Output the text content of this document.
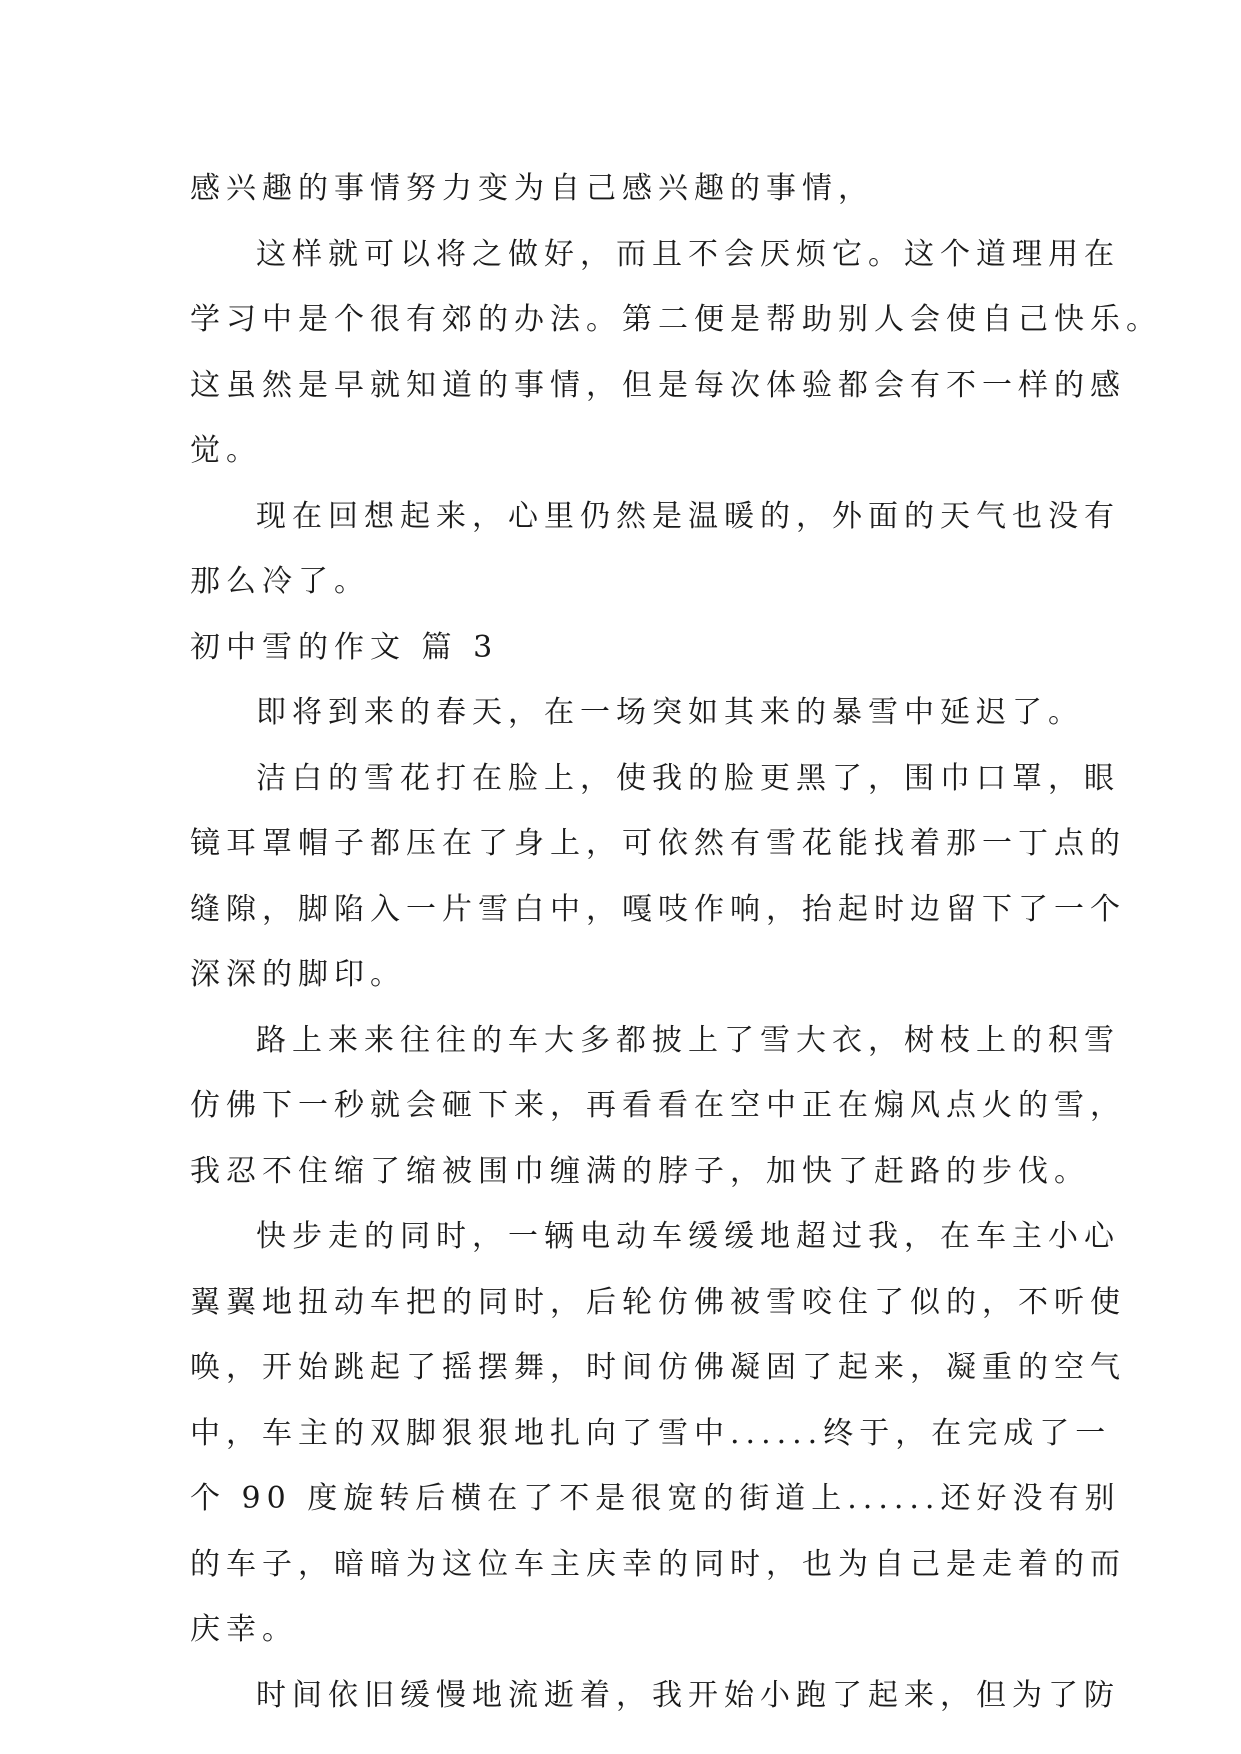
感兴趣的事情努力变为自己感兴趣的事情，
这样就可以将之做好，而且不会厌烦它。这个道理用在
学习中是个很有郊的办法。第二便是帮助别人会使自己快乐。
这虽然是早就知道的事情，但是每次体验都会有不一样的感
觉。
现在回想起来，心里仍然是温暖的，外面的天气也没有
那么冷了。
初中雪的作文 篇 3
即将到来的春天，在一场突如其来的暴雪中延迟了。
洁白的雪花打在脸上，使我的脸更黑了，围巾口罩，眼
镜耳罩帽子都压在了身上，可依然有雪花能找着那一丁点的
缝隙，脚陷入一片雪白中，嘎吱作响，抬起时边留下了一个
深深的脚印。
路上来来往往的车大多都披上了雪大衣，树枝上的积雪
仿佛下一秒就会砸下来，再看看在空中正在煽风点火的雪，
我忍不住缩了缩被围巾缠满的脖子，加快了赶路的步伐。
快步走的同时，一辆电动车缓缓地超过我，在车主小心
翼翼地扭动车把的同时，后轮仿佛被雪咬住了似的，不听使
唤，开始跳起了摇摆舞，时间仿佛凝固了起来，凝重的空气
中，车主的双脚狠狠地扎向了雪中......终于，在完成了一
个 90 度旋转后横在了不是很宽的街道上......还好没有别
的车子，暗暗为这位车主庆幸的同时，也为自己是走着的而
庆幸。
时间依旧缓慢地流逝着，我开始小跑了起来，但为了防
